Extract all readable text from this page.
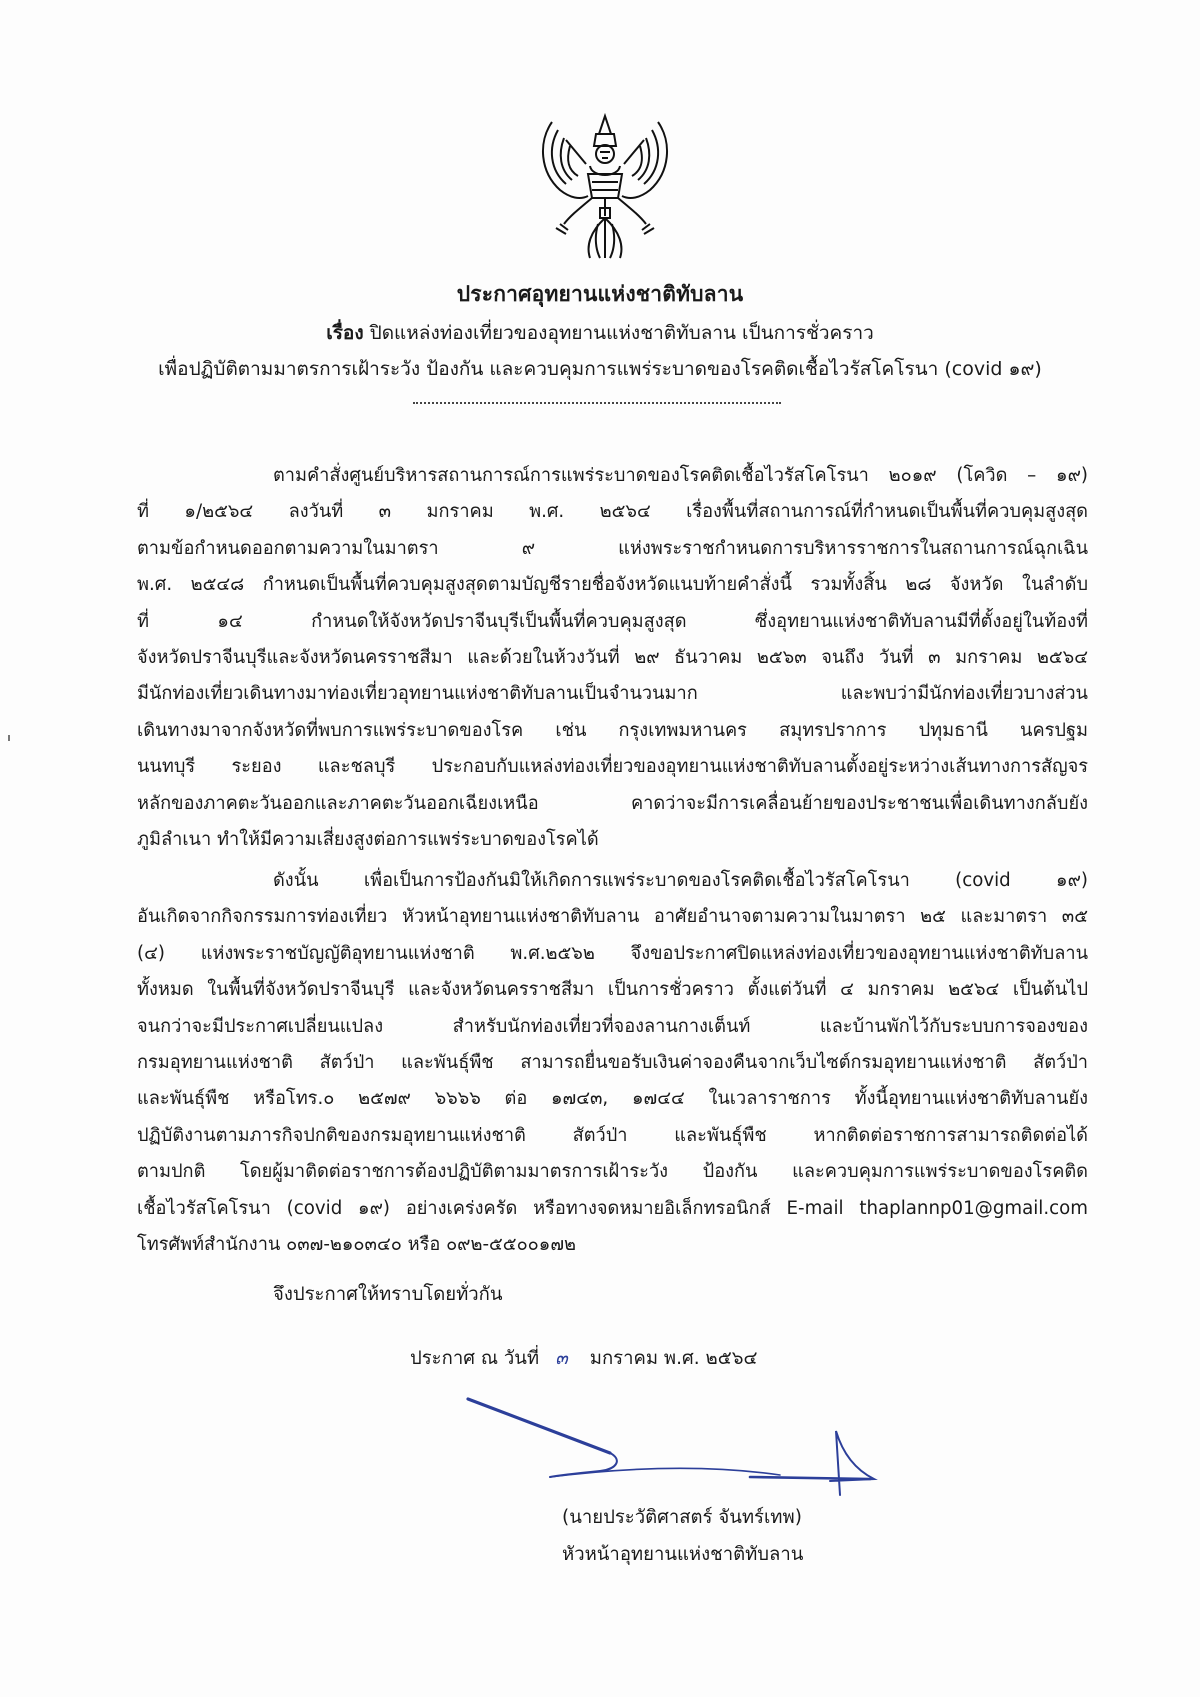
ประกาศอุทยานแห่งชาติทับลาน
เรื่อง ปิดแหล่งท่องเที่ยวของอุทยานแห่งชาติทับลาน เป็นการชั่วคราว
เพื่อปฏิบัติตามมาตรการเฝ้าระวัง ป้องกัน และควบคุมการแพร่ระบาดของโรคติดเชื้อไวรัสโคโรนา (covid ๑๙)
ตามคำสั่งศูนย์บริหารสถานการณ์การแพร่ระบาดของโรคติดเชื้อไวรัสโคโรนา ๒๐๑๙ (โควิด – ๑๙)
ที่ ๑/๒๕๖๔ ลงวันที่ ๓ มกราคม พ.ศ. ๒๕๖๔ เรื่องพื้นที่สถานการณ์ที่กำหนดเป็นพื้นที่ควบคุมสูงสุด
ตามข้อกำหนดออกตามความในมาตรา ๙ แห่งพระราชกำหนดการบริหารราชการในสถานการณ์ฉุกเฉิน
พ.ศ. ๒๕๔๘ กำหนดเป็นพื้นที่ควบคุมสูงสุดตามบัญชีรายชื่อจังหวัดแนบท้ายคำสั่งนี้ รวมทั้งสิ้น ๒๘ จังหวัด ในลำดับ
ที่ ๑๔ กำหนดให้จังหวัดปราจีนบุรีเป็นพื้นที่ควบคุมสูงสุด ซึ่งอุทยานแห่งชาติทับลานมีที่ตั้งอยู่ในท้องที่
จังหวัดปราจีนบุรีและจังหวัดนครราชสีมา และด้วยในห้วงวันที่ ๒๙ ธันวาคม ๒๕๖๓ จนถึง วันที่ ๓ มกราคม ๒๕๖๔
มีนักท่องเที่ยวเดินทางมาท่องเที่ยวอุทยานแห่งชาติทับลานเป็นจำนวนมาก และพบว่ามีนักท่องเที่ยวบางส่วน
เดินทางมาจากจังหวัดที่พบการแพร่ระบาดของโรค เช่น กรุงเทพมหานคร สมุทรปราการ ปทุมธานี นครปฐม
นนทบุรี ระยอง และชลบุรี ประกอบกับแหล่งท่องเที่ยวของอุทยานแห่งชาติทับลานตั้งอยู่ระหว่างเส้นทางการสัญจร
หลักของภาคตะวันออกและภาคตะวันออกเฉียงเหนือ คาดว่าจะมีการเคลื่อนย้ายของประชาชนเพื่อเดินทางกลับยัง
ภูมิลำเนา ทำให้มีความเสี่ยงสูงต่อการแพร่ระบาดของโรคได้
ดังนั้น เพื่อเป็นการป้องกันมิให้เกิดการแพร่ระบาดของโรคติดเชื้อไวรัสโคโรนา (covid ๑๙)
อันเกิดจากกิจกรรมการท่องเที่ยว หัวหน้าอุทยานแห่งชาติทับลาน อาศัยอำนาจตามความในมาตรา ๒๕ และมาตรา ๓๕
(๔) แห่งพระราชบัญญัติอุทยานแห่งชาติ พ.ศ.๒๕๖๒ จึงขอประกาศปิดแหล่งท่องเที่ยวของอุทยานแห่งชาติทับลาน
ทั้งหมด ในพื้นที่จังหวัดปราจีนบุรี และจังหวัดนครราชสีมา เป็นการชั่วคราว ตั้งแต่วันที่ ๔ มกราคม ๒๕๖๔ เป็นต้นไป
จนกว่าจะมีประกาศเปลี่ยนแปลง สำหรับนักท่องเที่ยวที่จองลานกางเต็นท์ และบ้านพักไว้กับระบบการจองของ
กรมอุทยานแห่งชาติ สัตว์ป่า และพันธุ์พืช สามารถยื่นขอรับเงินค่าจองคืนจากเว็บไซต์กรมอุทยานแห่งชาติ สัตว์ป่า
และพันธุ์พืช หรือโทร.๐ ๒๕๗๙ ๖๖๖๖ ต่อ ๑๗๔๓, ๑๗๔๔ ในเวลาราชการ ทั้งนี้อุทยานแห่งชาติทับลานยัง
ปฏิบัติงานตามภารกิจปกติของกรมอุทยานแห่งชาติ สัตว์ป่า และพันธุ์พืช หากติดต่อราชการสามารถติดต่อได้
ตามปกติ โดยผู้มาติดต่อราชการต้องปฏิบัติตามมาตรการเฝ้าระวัง ป้องกัน และควบคุมการแพร่ระบาดของโรคติด
เชื้อไวรัสโคโรนา (covid ๑๙) อย่างเคร่งครัด หรือทางจดหมายอิเล็กทรอนิกส์ E-mail thaplannp01@gmail.com
โทรศัพท์สำนักงาน ๐๓๗-๒๑๐๓๔๐ หรือ ๐๙๒-๕๕๐๐๑๗๒
จึงประกาศให้ทราบโดยทั่วกัน
ประกาศ ณ วันที่ ๓ มกราคม พ.ศ. ๒๕๖๔
(นายประวัติศาสตร์ จันทร์เทพ)
หัวหน้าอุทยานแห่งชาติทับลาน
